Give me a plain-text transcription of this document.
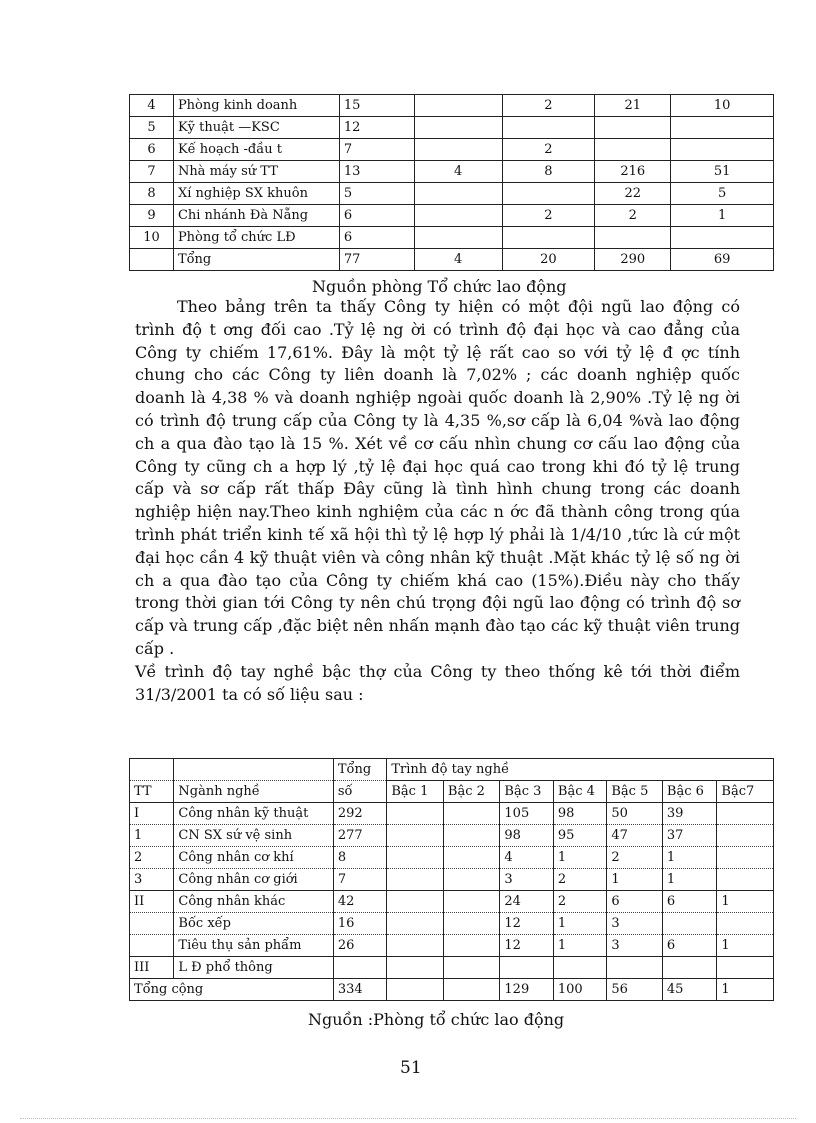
4	Phòng kinh doanh	15		2	21	10
5	Kỹ thuật —KSC	12				
6	Kế hoạch -đầu t	7		2		
7	Nhà máy sứ TT	13	4	8	216	51
8	Xí nghiệp SX khuôn	5			22	5
9	Chi nhánh Đà Nẵng	6		2	2	1
10	Phòng tổ chức LĐ	6				
	Tổng	77	4	20	290	69
Nguồn phòng Tổ chức lao động

Theo bảng trên ta thấy Công ty hiện có một đội ngũ lao động có trình độ t ơng đối cao .Tỷ lệ ng ời có trình độ đại học và cao đẳng của Công ty chiếm 17,61%. Đây là một tỷ lệ rất cao so với tỷ lệ đ ợc tính chung cho các Công ty liên doanh là 7,02% ; các doanh nghiệp quốc doanh là 4,38 % và doanh nghiệp ngoài quốc doanh là 2,90% .Tỷ lệ ng ời có trình độ trung cấp của Công ty là 4,35 %,sơ cấp là 6,04 %và lao động ch a qua đào tạo là 15 %. Xét về cơ cấu nhìn chung cơ cấu lao động của Công ty cũng ch a hợp lý ,tỷ lệ đại học quá cao trong khi đó tỷ lệ trung cấp và sơ cấp rất thấp Đây cũng là tình hình chung trong các doanh nghiệp hiện nay.Theo kinh nghiệm của các n ớc đã thành công trong qúa trình phát triển kinh tế xã hội thì tỷ lệ hợp lý phải là 1/4/10 ,tức là cứ một đại học cần 4 kỹ thuật viên và công nhân kỹ thuật .Mặt khác tỷ lệ số ng ời ch a qua đào tạo của Công ty chiếm khá cao (15%).Điều này cho thấy trong thời gian tới Công ty nên chú trọng đội ngũ lao động có trình độ sơ cấp và trung cấp ,đặc biệt nên nhấn mạnh đào tạo các kỹ thuật viên trung cấp .

Về trình độ tay nghề bậc thợ của Công ty theo thống kê tới thời điểm 31/3/2001 ta có số liệu sau :

		Tổng	Trình độ tay nghề						
TT	Ngành nghề	số	Bậc 1	Bậc 2	Bậc 3	Bậc 4	Bậc 5	Bậc 6	Bậc7
I	Công nhân kỹ thuật	292			105	98	50	39	
1	CN SX sứ vệ sinh	277			98	95	47	37	
2	Công nhân cơ khí	8			4	1	2	1	
3	Công nhân cơ giới	7			3	2	1	1	
II	Công nhân khác	42			24	2	6	6	1
	Bốc xếp	16			12	1	3		
	Tiêu thụ sản phẩm	26			12	1	3	6	1
III	L Đ phổ thông								
Tổng cộng		334			129	100	56	45	1
Nguồn :Phòng tổ chức lao động
51
